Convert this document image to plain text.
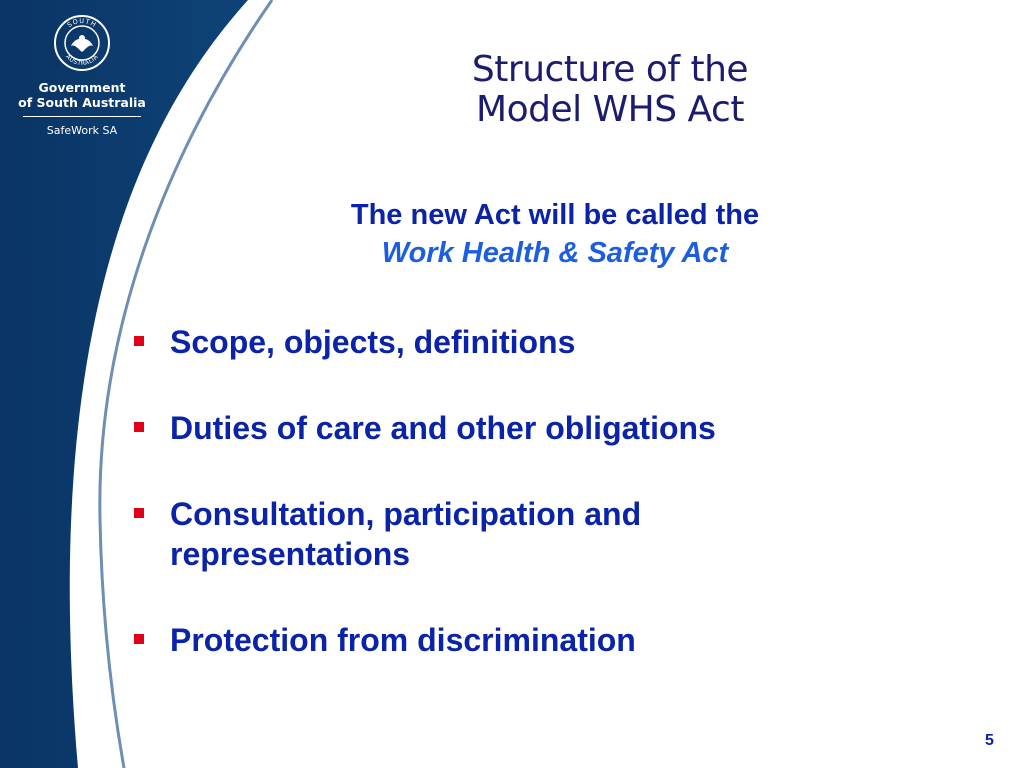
SOUTH
AUSTRALIA
Government
of South Australia
SafeWork SA
Structure of the
Model WHS Act
The new Act will be called the
Work Health & Safety Act
Scope, objects, definitions
Duties of care and other obligations
Consultation, participation and
representations
Protection from discrimination
5
